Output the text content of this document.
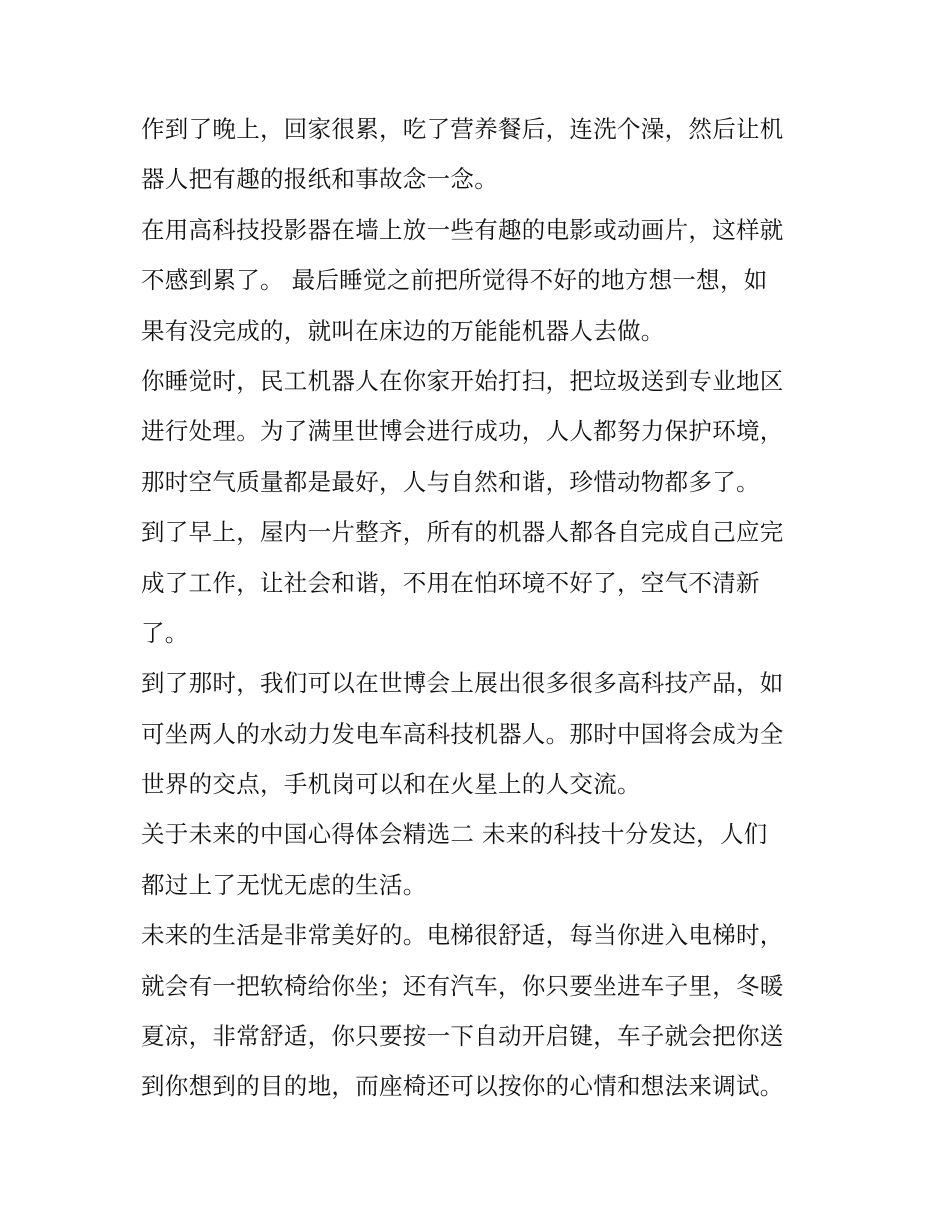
作到了晚上，回家很累，吃了营养餐后，连洗个澡，然后让机
器人把有趣的报纸和事故念一念。
在用高科技投影器在墙上放一些有趣的电影或动画片，这样就
不感到累了。 最后睡觉之前把所觉得不好的地方想一想，如
果有没完成的，就叫在床边的万能能机器人去做。
你睡觉时，民工机器人在你家开始打扫，把垃圾送到专业地区
进行处理。为了满里世博会进行成功，人人都努力保护环境，
那时空气质量都是最好，人与自然和谐，珍惜动物都多了。
到了早上，屋内一片整齐，所有的机器人都各自完成自己应完
成了工作，让社会和谐，不用在怕环境不好了，空气不清新
了。
到了那时，我们可以在世博会上展出很多很多高科技产品，如
可坐两人的水动力发电车高科技机器人。那时中国将会成为全
世界的交点，手机岗可以和在火星上的人交流。
关于未来的中国心得体会精选二 未来的科技十分发达，人们
都过上了无忧无虑的生活。
未来的生活是非常美好的。电梯很舒适，每当你进入电梯时，
就会有一把软椅给你坐；还有汽车，你只要坐进车子里，冬暖
夏凉，非常舒适，你只要按一下自动开启键，车子就会把你送
到你想到的目的地，而座椅还可以按你的心情和想法来调试。
